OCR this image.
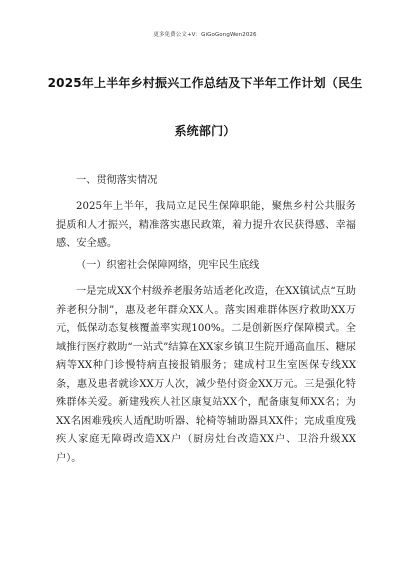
更多免费公文+V：GiGoGongWen2026
2025年上半年乡村振兴工作总结及下半年工作计划（民生
系统部门）

一、贯彻落实情况

2025年上半年，我局立足民生保障职能，聚焦乡村公共服务提质和人才振兴，精准落实惠民政策，着力提升农民获得感、幸福感、安全感。

（一）织密社会保障网络，兜牢民生底线

一是完成XX个村级养老服务站适老化改造，在XX镇试点“互助养老积分制”，惠及老年群众XX人。落实困难群体医疗救助XX万元，低保动态复核覆盖率实现100%。二是创新医疗保障模式。全域推行医疗救助“一站式”结算在XX家乡镇卫生院开通高血压、糖尿病等XX种门诊慢特病直接报销服务；建成村卫生室医保专线XX条，惠及患者就诊XX万人次，减少垫付资金XX万元。三是强化特殊群体关爱。新建残疾人社区康复站XX个，配备康复师XX名；为XX名困难残疾人适配助听器、轮椅等辅助器具XX件；完成重度残疾人家庭无障碍改造XX户（厨房灶台改造XX户、卫浴升级XX户）。
